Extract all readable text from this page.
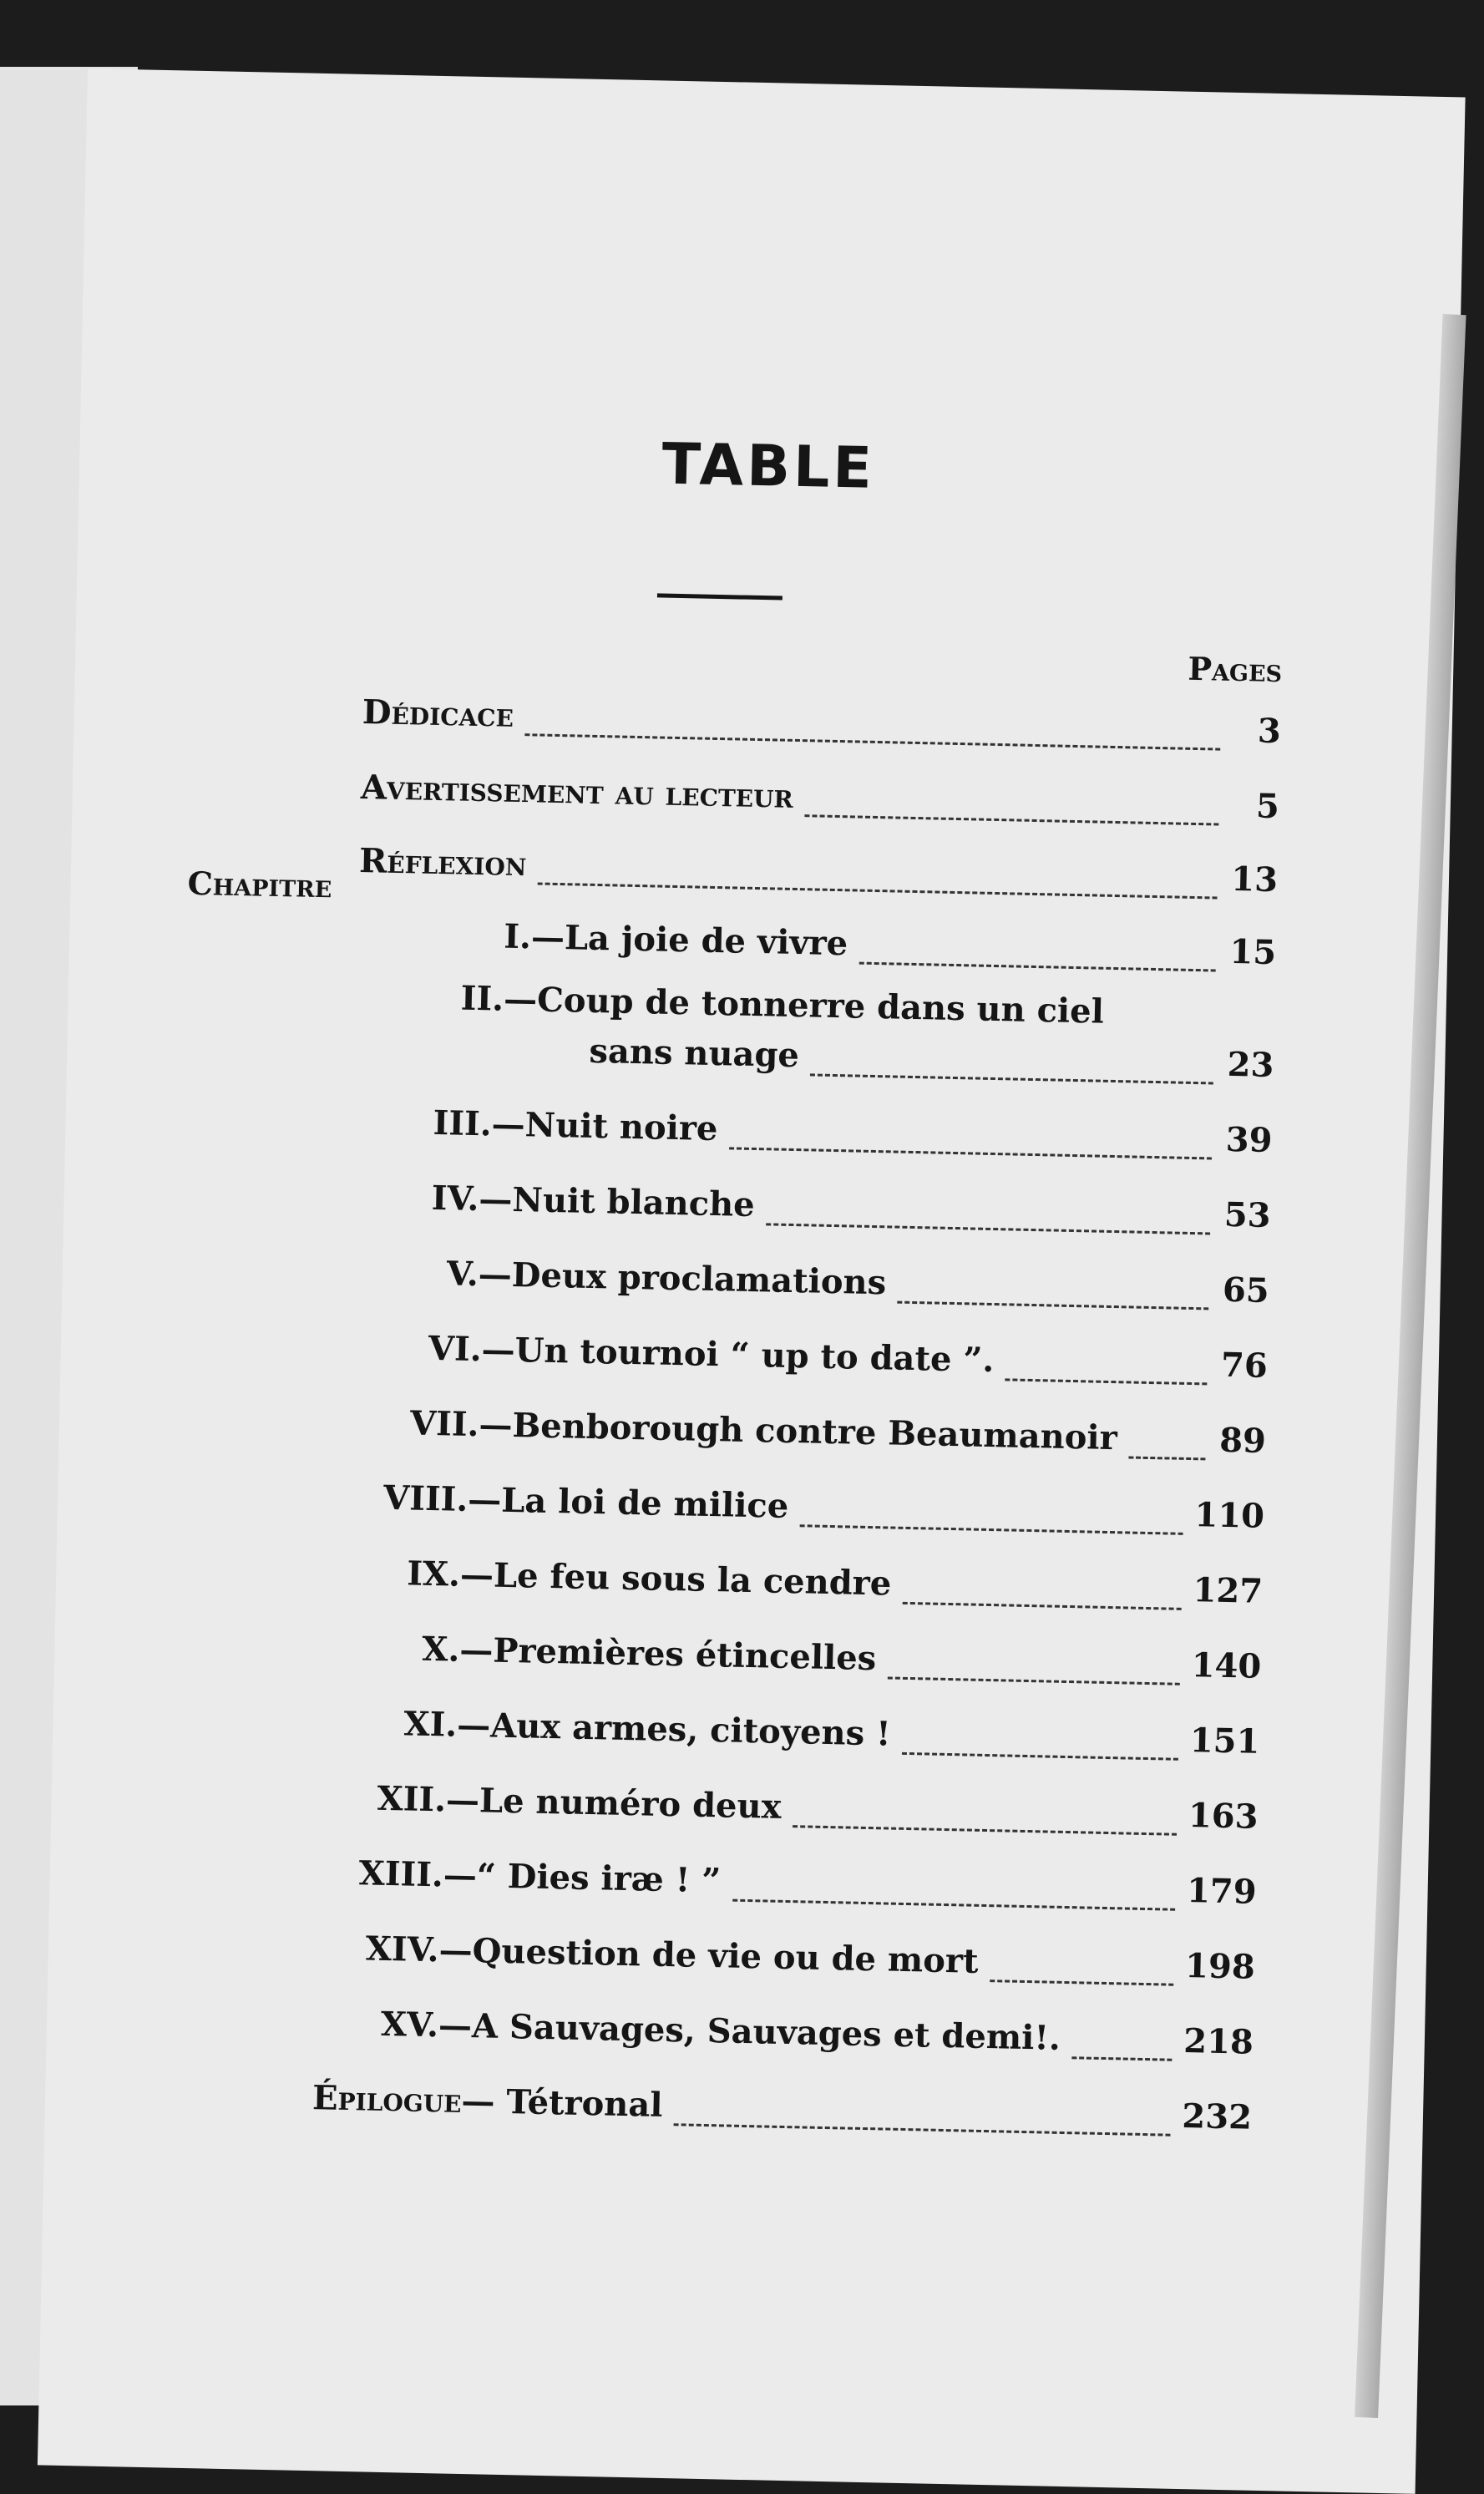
TABLE
Pages
Dédicace	3
Avertissement au lecteur	5
Réflexion	13
Chapitre
I. —La joie de vivre	15
II.—Coup de tonnerre dans un ciel
sans nuage	23
III. —Nuit noire	39
IV. —Nuit blanche	53
V. —Deux proclamations	65
VI. —Un tournoi “ up to date ”.	76
VII. —Benborough contre Beaumanoir	89
VIII. —La loi de milice	110
IX. —Le feu sous la cendre	127
X. —Premières étincelles	140
XI. —Aux armes, citoyens !	151
XII. —Le numéro deux	163
XIII. —“ Dies iræ ! ”	179
XIV. —Question de vie ou de mort	198
XV. —A Sauvages, Sauvages et demi!.	218
Épilogue — Tétronal	232
